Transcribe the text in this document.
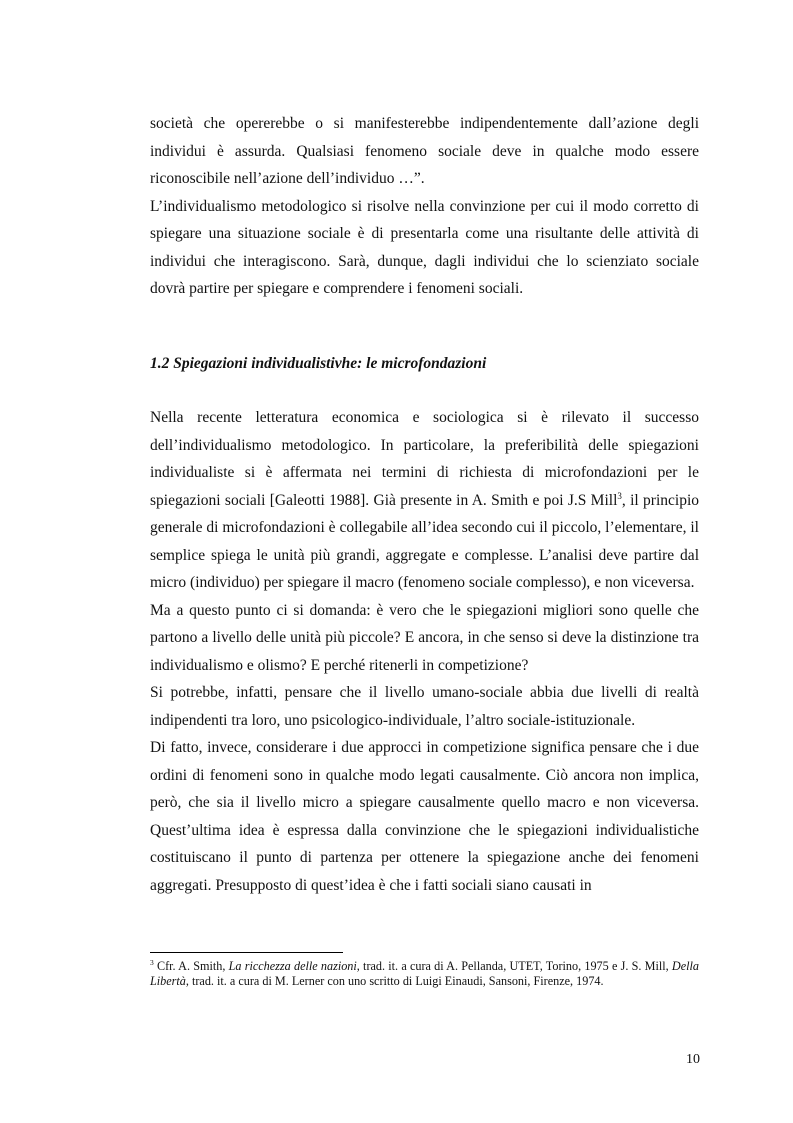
società che opererebbe o si manifesterebbe indipendentemente dall’azione degli individui è assurda. Qualsiasi fenomeno sociale deve in qualche modo essere riconoscibile nell’azione dell’individuo …”.

L’individualismo metodologico si risolve nella convinzione per cui il modo corretto di spiegare una situazione sociale è di presentarla come una risultante delle attività di individui che interagiscono. Sarà, dunque, dagli individui che lo scienziato sociale dovrà partire per spiegare e comprendere i fenomeni sociali.

1.2 Spiegazioni individualistivhe: le microfondazioni

Nella recente letteratura economica e sociologica si è rilevato il successo dell’individualismo metodologico. In particolare, la preferibilità delle spiegazioni individualiste si è affermata nei termini di richiesta di microfondazioni per le spiegazioni sociali [Galeotti 1988]. Già presente in A. Smith e poi J.S Mill$^3$, il principio generale di microfondazioni è collegabile all’idea secondo cui il piccolo, l’elementare, il semplice spiega le unità più grandi, aggregate e complesse. L’analisi deve partire dal micro (individuo) per spiegare il macro (fenomeno sociale complesso), e non viceversa.

Ma a questo punto ci si domanda: è vero che le spiegazioni migliori sono quelle che partono a livello delle unità più piccole? E ancora, in che senso si deve la distinzione tra individualismo e olismo? E perché ritenerli in competizione?

Si potrebbe, infatti, pensare che il livello umano-sociale abbia due livelli di realtà indipendenti tra loro, uno psicologico-individuale, l’altro sociale-istituzionale.

Di fatto, invece, considerare i due approcci in competizione significa pensare che i due ordini di fenomeni sono in qualche modo legati causalmente. Ciò ancora non implica, però, che sia il livello micro a spiegare causalmente quello macro e non viceversa. Quest’ultima idea è espressa dalla convinzione che le spiegazioni individualistiche costituiscano il punto di partenza per ottenere la spiegazione anche dei fenomeni aggregati. Presupposto di quest’idea è che i fatti sociali siano causati in

$^3$ Cfr. A. Smith, La ricchezza delle nazioni, trad. it. a cura di A. Pellanda, UTET, Torino, 1975 e J. S. Mill, Della Libertà, trad. it. a cura di M. Lerner con uno scritto di Luigi Einaudi, Sansoni, Firenze, 1974.

10
